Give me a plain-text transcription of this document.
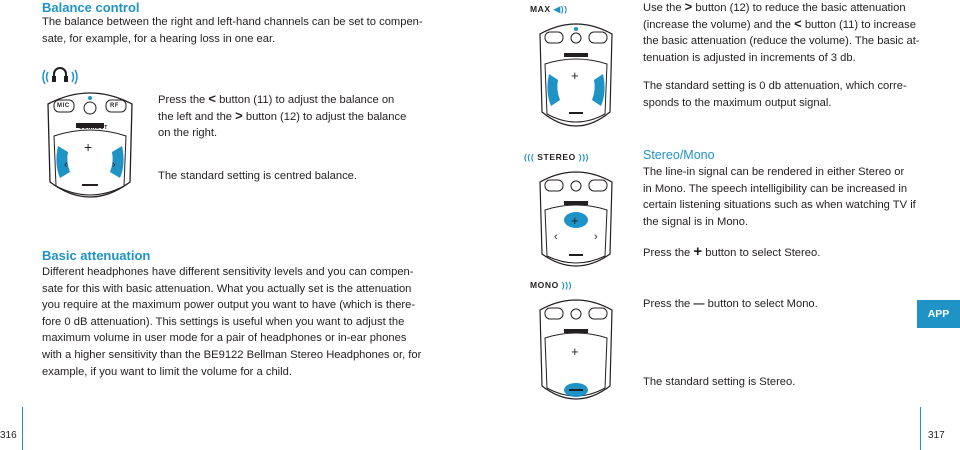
Balance control
The balance between the right and left-hand channels can be set to compen-
sate, for example, for a hearing loss in one ear.
‹	›
+
MIC	RF
CONNECT
Press the < button (11) to adjust the balance on
the left and the > button (12) to adjust the balance
on the right.
The standard setting is centred balance.
Basic attenuation
Different headphones have different sensitivity levels and you can compen-
sate for this with basic attenuation. What you actually set is the attenuation
you require at the maximum power output you want to have (which is there-
fore 0 dB attenuation). This settings is useful when you want to adjust the
maximum volume in user mode for a pair of headphones or in-ear phones
with a higher sensitivity than the BE9122 Bellman Stereo Headphones or, for
example, if you want to limit the volume for a child.
MAX ◀))
+
Use the > button (12) to reduce the basic attenuation
(increase the volume) and the < button (11) to increase
the basic attenuation (reduce the volume). The basic at-
tenuation is adjusted in increments of 3 db.
The standard setting is 0 db attenuation, which corre-
sponds to the maximum output signal.
((( STEREO )))
+
‹	›
MONO )))
+
Stereo/Mono
The line-in signal can be rendered in either Stereo or
in Mono. The speech intelligibility can be increased in
certain listening situations such as when watching TV if
the signal is in Mono.
Press the + button to select Stereo.
Press the — button to select Mono.
The standard setting is Stereo.
APP
316	317
